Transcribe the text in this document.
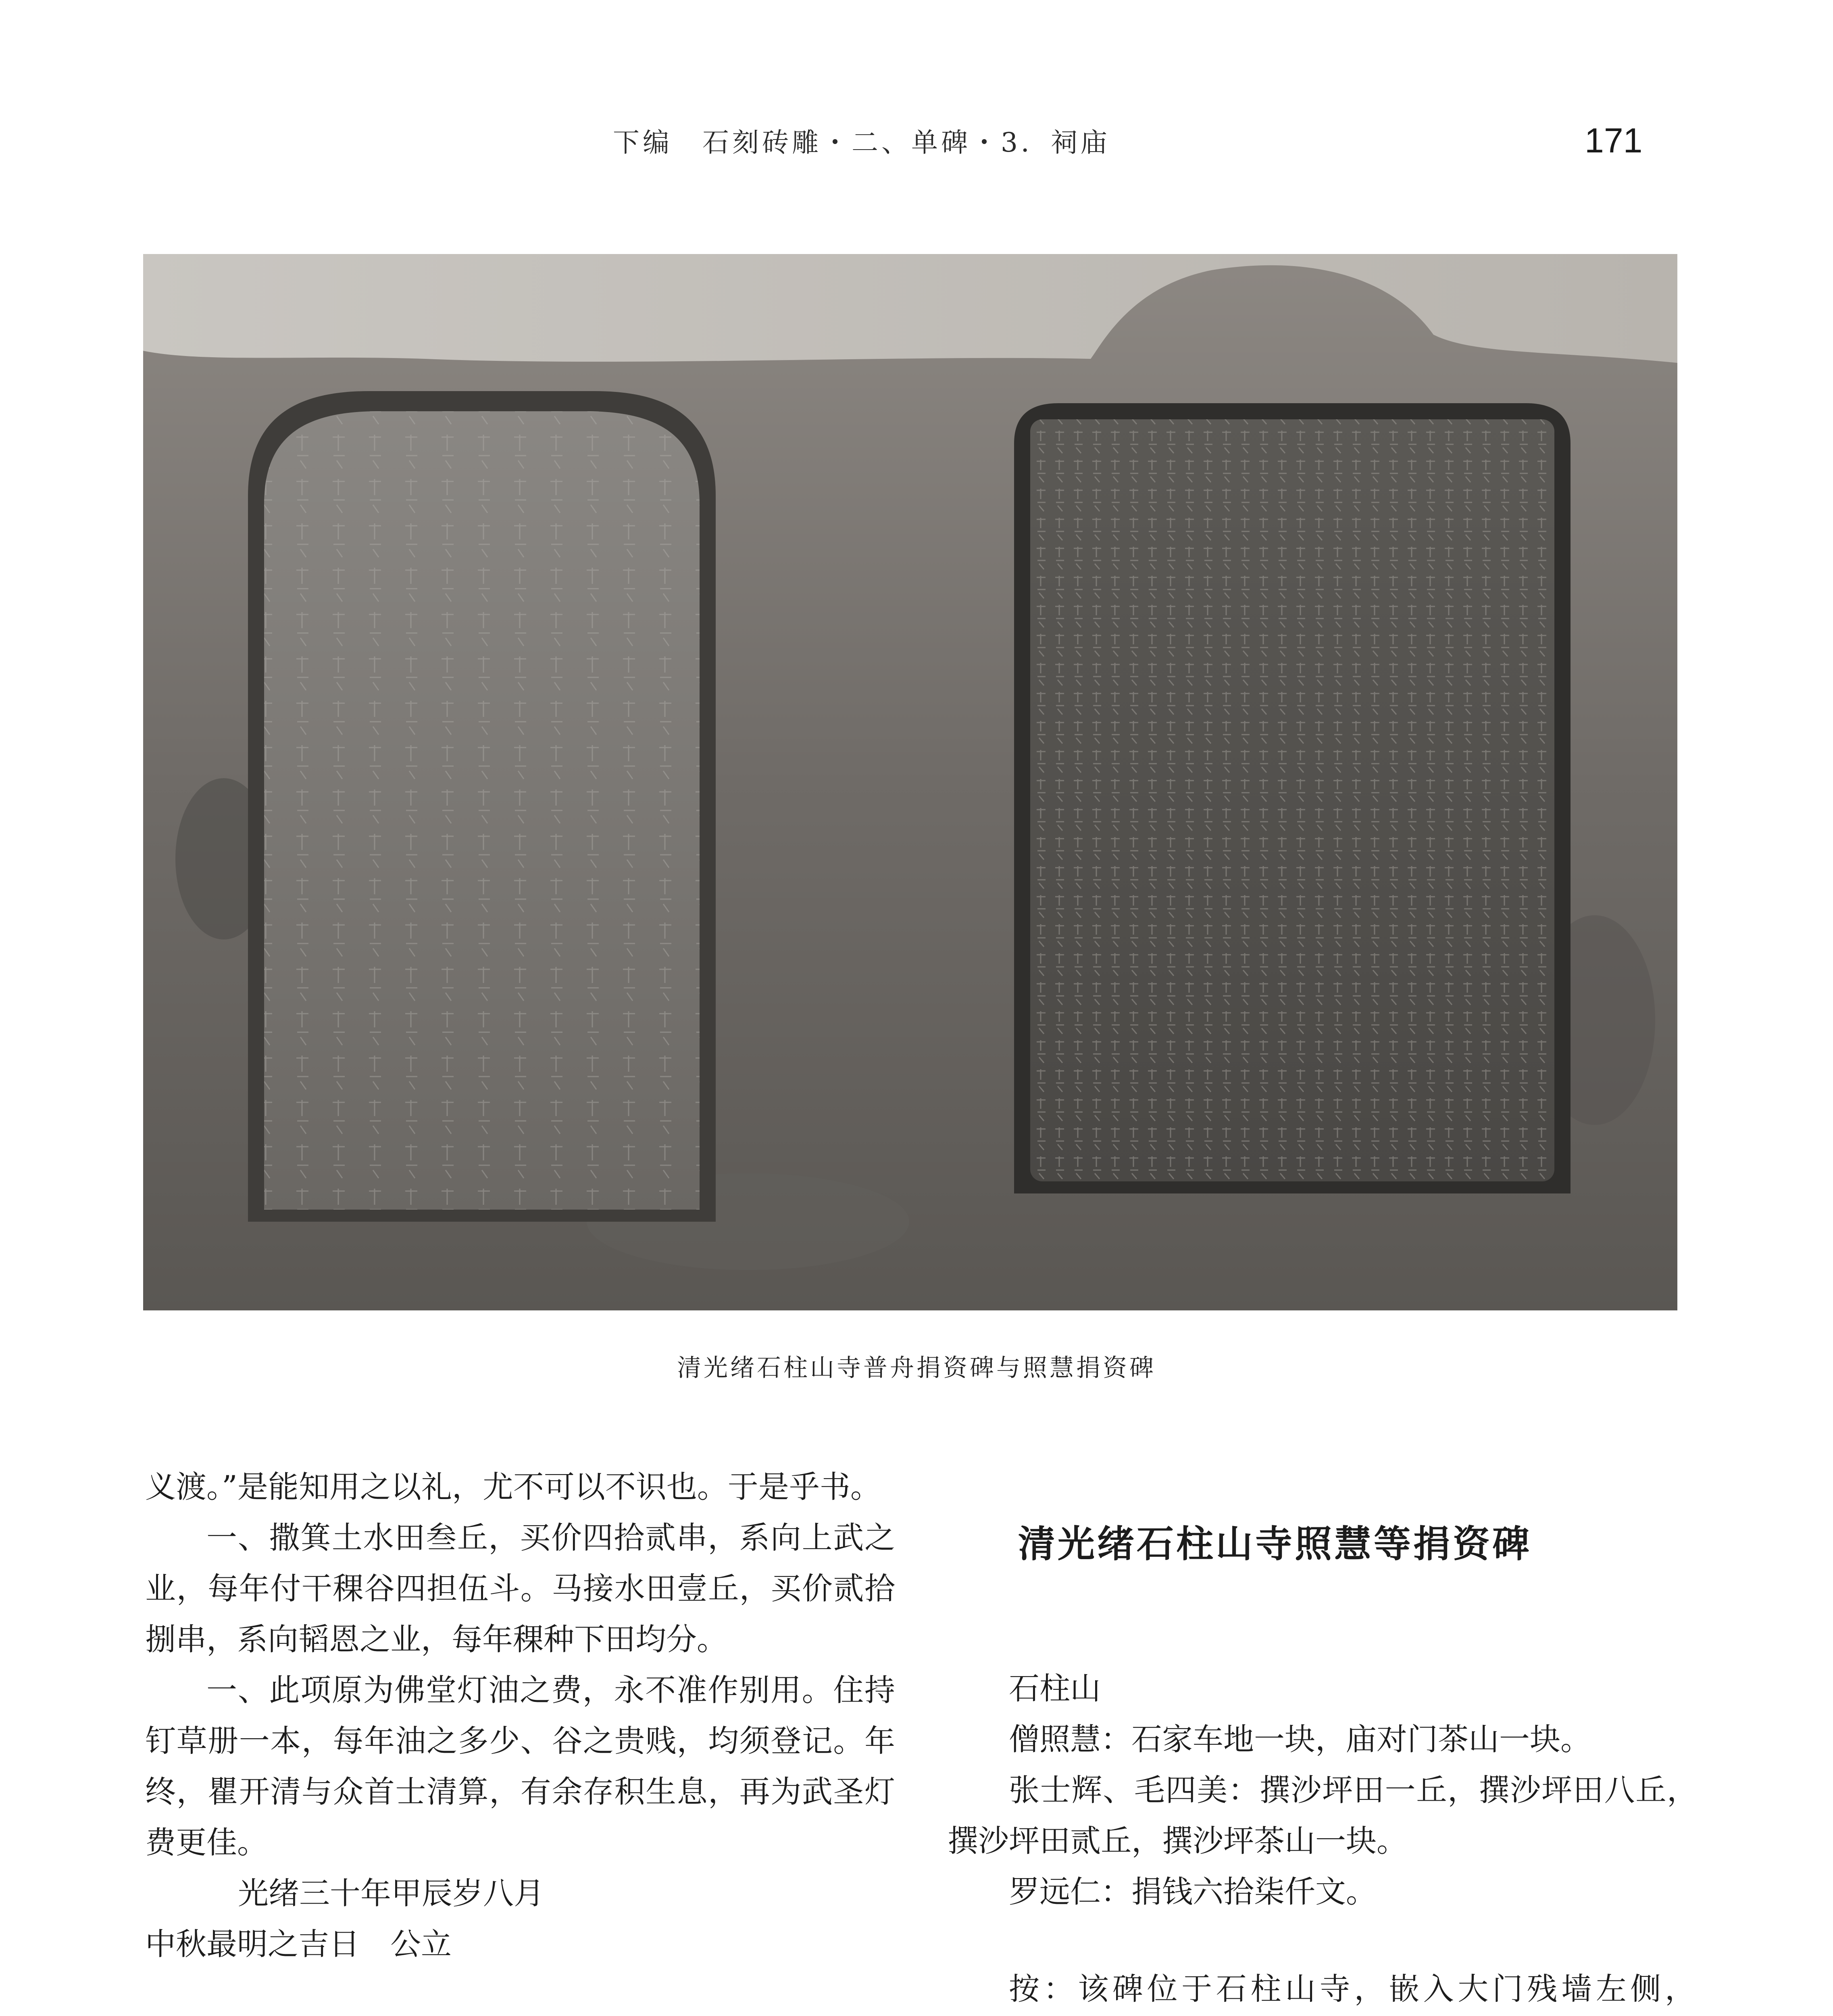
下编　石刻砖雕・二、单碑・3．祠庙	171
清光绪石柱山寺普舟捐资碑与照慧捐资碑

义渡。”是能知用之以礼，尤不可以不识也。于是乎书。

一、撒箕土水田叁丘，买价四拾贰串，系向上武之业，每年付干稞谷四担伍斗。马接水田壹丘，买价贰拾捌串，系向韬恩之业，每年稞种下田均分。

一、此项原为佛堂灯油之费，永不准作别用。住持钉草册一本，每年油之多少、谷之贵贱，均须登记。年终，瞿开清与众首士清算，有余存积生息，再为武圣灯费更佳。

光绪三十年甲辰岁八月

中秋最明之吉日　公立

清光绪石柱山寺照慧等捐资碑

石柱山

僧照慧：石家车地一块，庙对门茶山一块。

张士辉、毛四美：撰沙坪田一丘，撰沙坪田八丘，撰沙坪田贰丘，撰沙坪茶山一块。

罗远仁：捐钱六拾柒仟文。

按：该碑位于石柱山寺，嵌入大门残墙左侧，
